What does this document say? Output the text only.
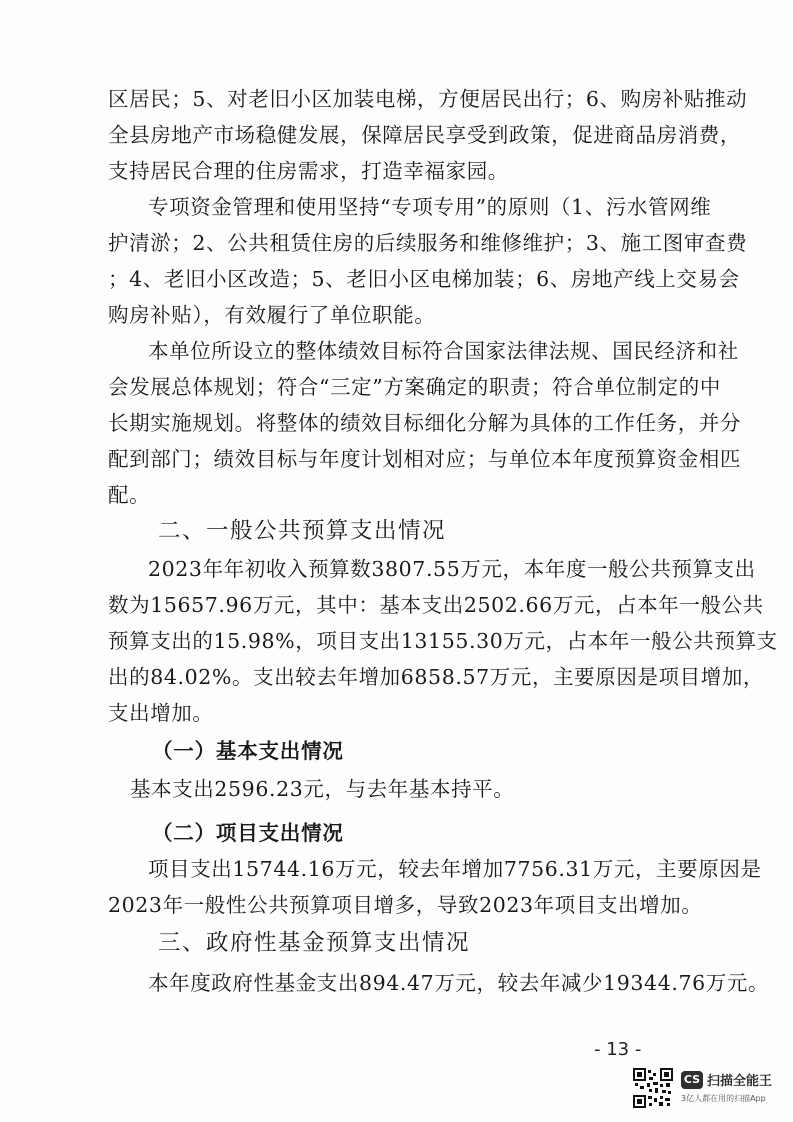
区居民；5、对老旧小区加装电梯，方便居民出行；6、购房补贴推动
全县房地产市场稳健发展，保障居民享受到政策，促进商品房消费，
支持居民合理的住房需求，打造幸福家园。
专项资金管理和使用坚持“专项专用”的原则（1、污水管网维
护清淤；2、公共租赁住房的后续服务和维修维护；3、施工图审查费
；4、老旧小区改造；5、老旧小区电梯加装；6、房地产线上交易会
购房补贴），有效履行了单位职能。
本单位所设立的整体绩效目标符合国家法律法规、国民经济和社
会发展总体规划；符合“三定”方案确定的职责；符合单位制定的中
长期实施规划。将整体的绩效目标细化分解为具体的工作任务，并分
配到部门；绩效目标与年度计划相对应；与单位本年度预算资金相匹
配。
二、一般公共预算支出情况
2023年年初收入预算数3807.55万元，本年度一般公共预算支出
数为15657.96万元，其中：基本支出2502.66万元，占本年一般公共
预算支出的15.98%，项目支出13155.30万元，占本年一般公共预算支
出的84.02%。支出较去年增加6858.57万元，主要原因是项目增加，
支出增加。
（一）基本支出情况
基本支出2596.23元，与去年基本持平。
（二）项目支出情况
项目支出15744.16万元，较去年增加7756.31万元，主要原因是
2023年一般性公共预算项目增多，导致2023年项目支出增加。
三、政府性基金预算支出情况
本年度政府性基金支出894.47万元，较去年减少19344.76万元。
- 13 -
CS 扫描全能王
3亿人都在用的扫描App
